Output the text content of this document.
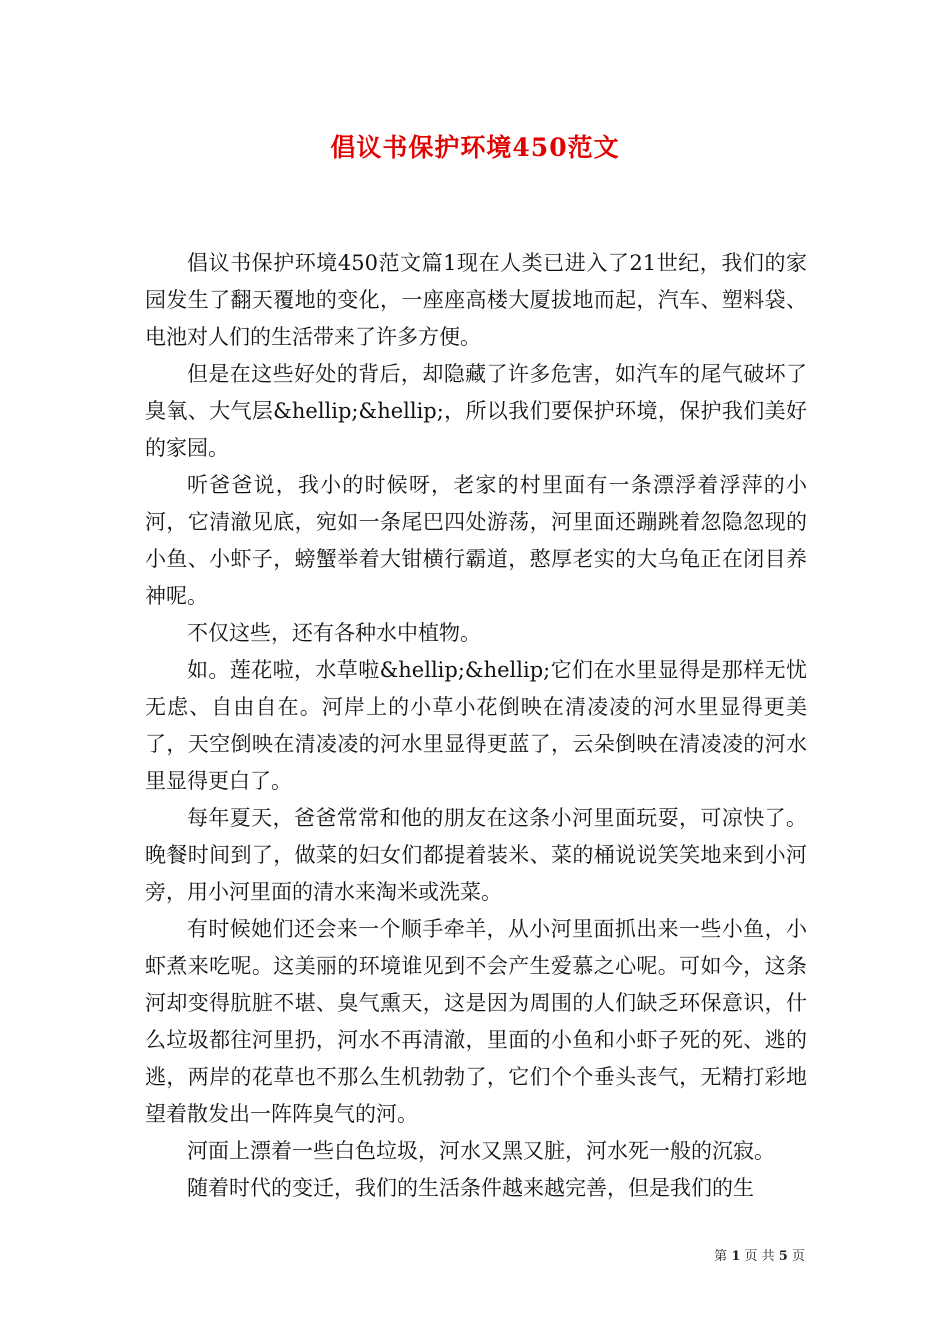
倡议书保护环境450范文

倡议书保护环境450范文篇1现在人类已进入了21世纪，我们的家园发生了翻天覆地的变化，一座座高楼大厦拔地而起，汽车、塑料袋、电池对人们的生活带来了许多方便。

但是在这些好处的背后，却隐藏了许多危害，如汽车的尾气破坏了臭氧、大气层&hellip;&hellip;，所以我们要保护环境，保护我们美好的家园。

听爸爸说，我小的时候呀，老家的村里面有一条漂浮着浮萍的小河，它清澈见底，宛如一条尾巴四处游荡，河里面还蹦跳着忽隐忽现的小鱼、小虾子，螃蟹举着大钳横行霸道，憨厚老实的大乌龟正在闭目养神呢。

不仅这些，还有各种水中植物。

如。莲花啦，水草啦&hellip;&hellip;它们在水里显得是那样无忧无虑、自由自在。河岸上的小草小花倒映在清凌凌的河水里显得更美了，天空倒映在清凌凌的河水里显得更蓝了，云朵倒映在清凌凌的河水里显得更白了。

每年夏天，爸爸常常和他的朋友在这条小河里面玩耍，可凉快了。晚餐时间到了，做菜的妇女们都提着装米、菜的桶说说笑笑地来到小河旁，用小河里面的清水来淘米或洗菜。

有时候她们还会来一个顺手牵羊，从小河里面抓出来一些小鱼，小虾煮来吃呢。这美丽的环境谁见到不会产生爱慕之心呢。可如今，这条河却变得肮脏不堪、臭气熏天，这是因为周围的人们缺乏环保意识，什么垃圾都往河里扔，河水不再清澈，里面的小鱼和小虾子死的死、逃的逃，两岸的花草也不那么生机勃勃了，它们个个垂头丧气，无精打彩地望着散发出一阵阵臭气的河。

河面上漂着一些白色垃圾，河水又黑又脏，河水死一般的沉寂。

随着时代的变迁，我们的生活条件越来越完善，但是我们的生

第 1 页 共 5 页
